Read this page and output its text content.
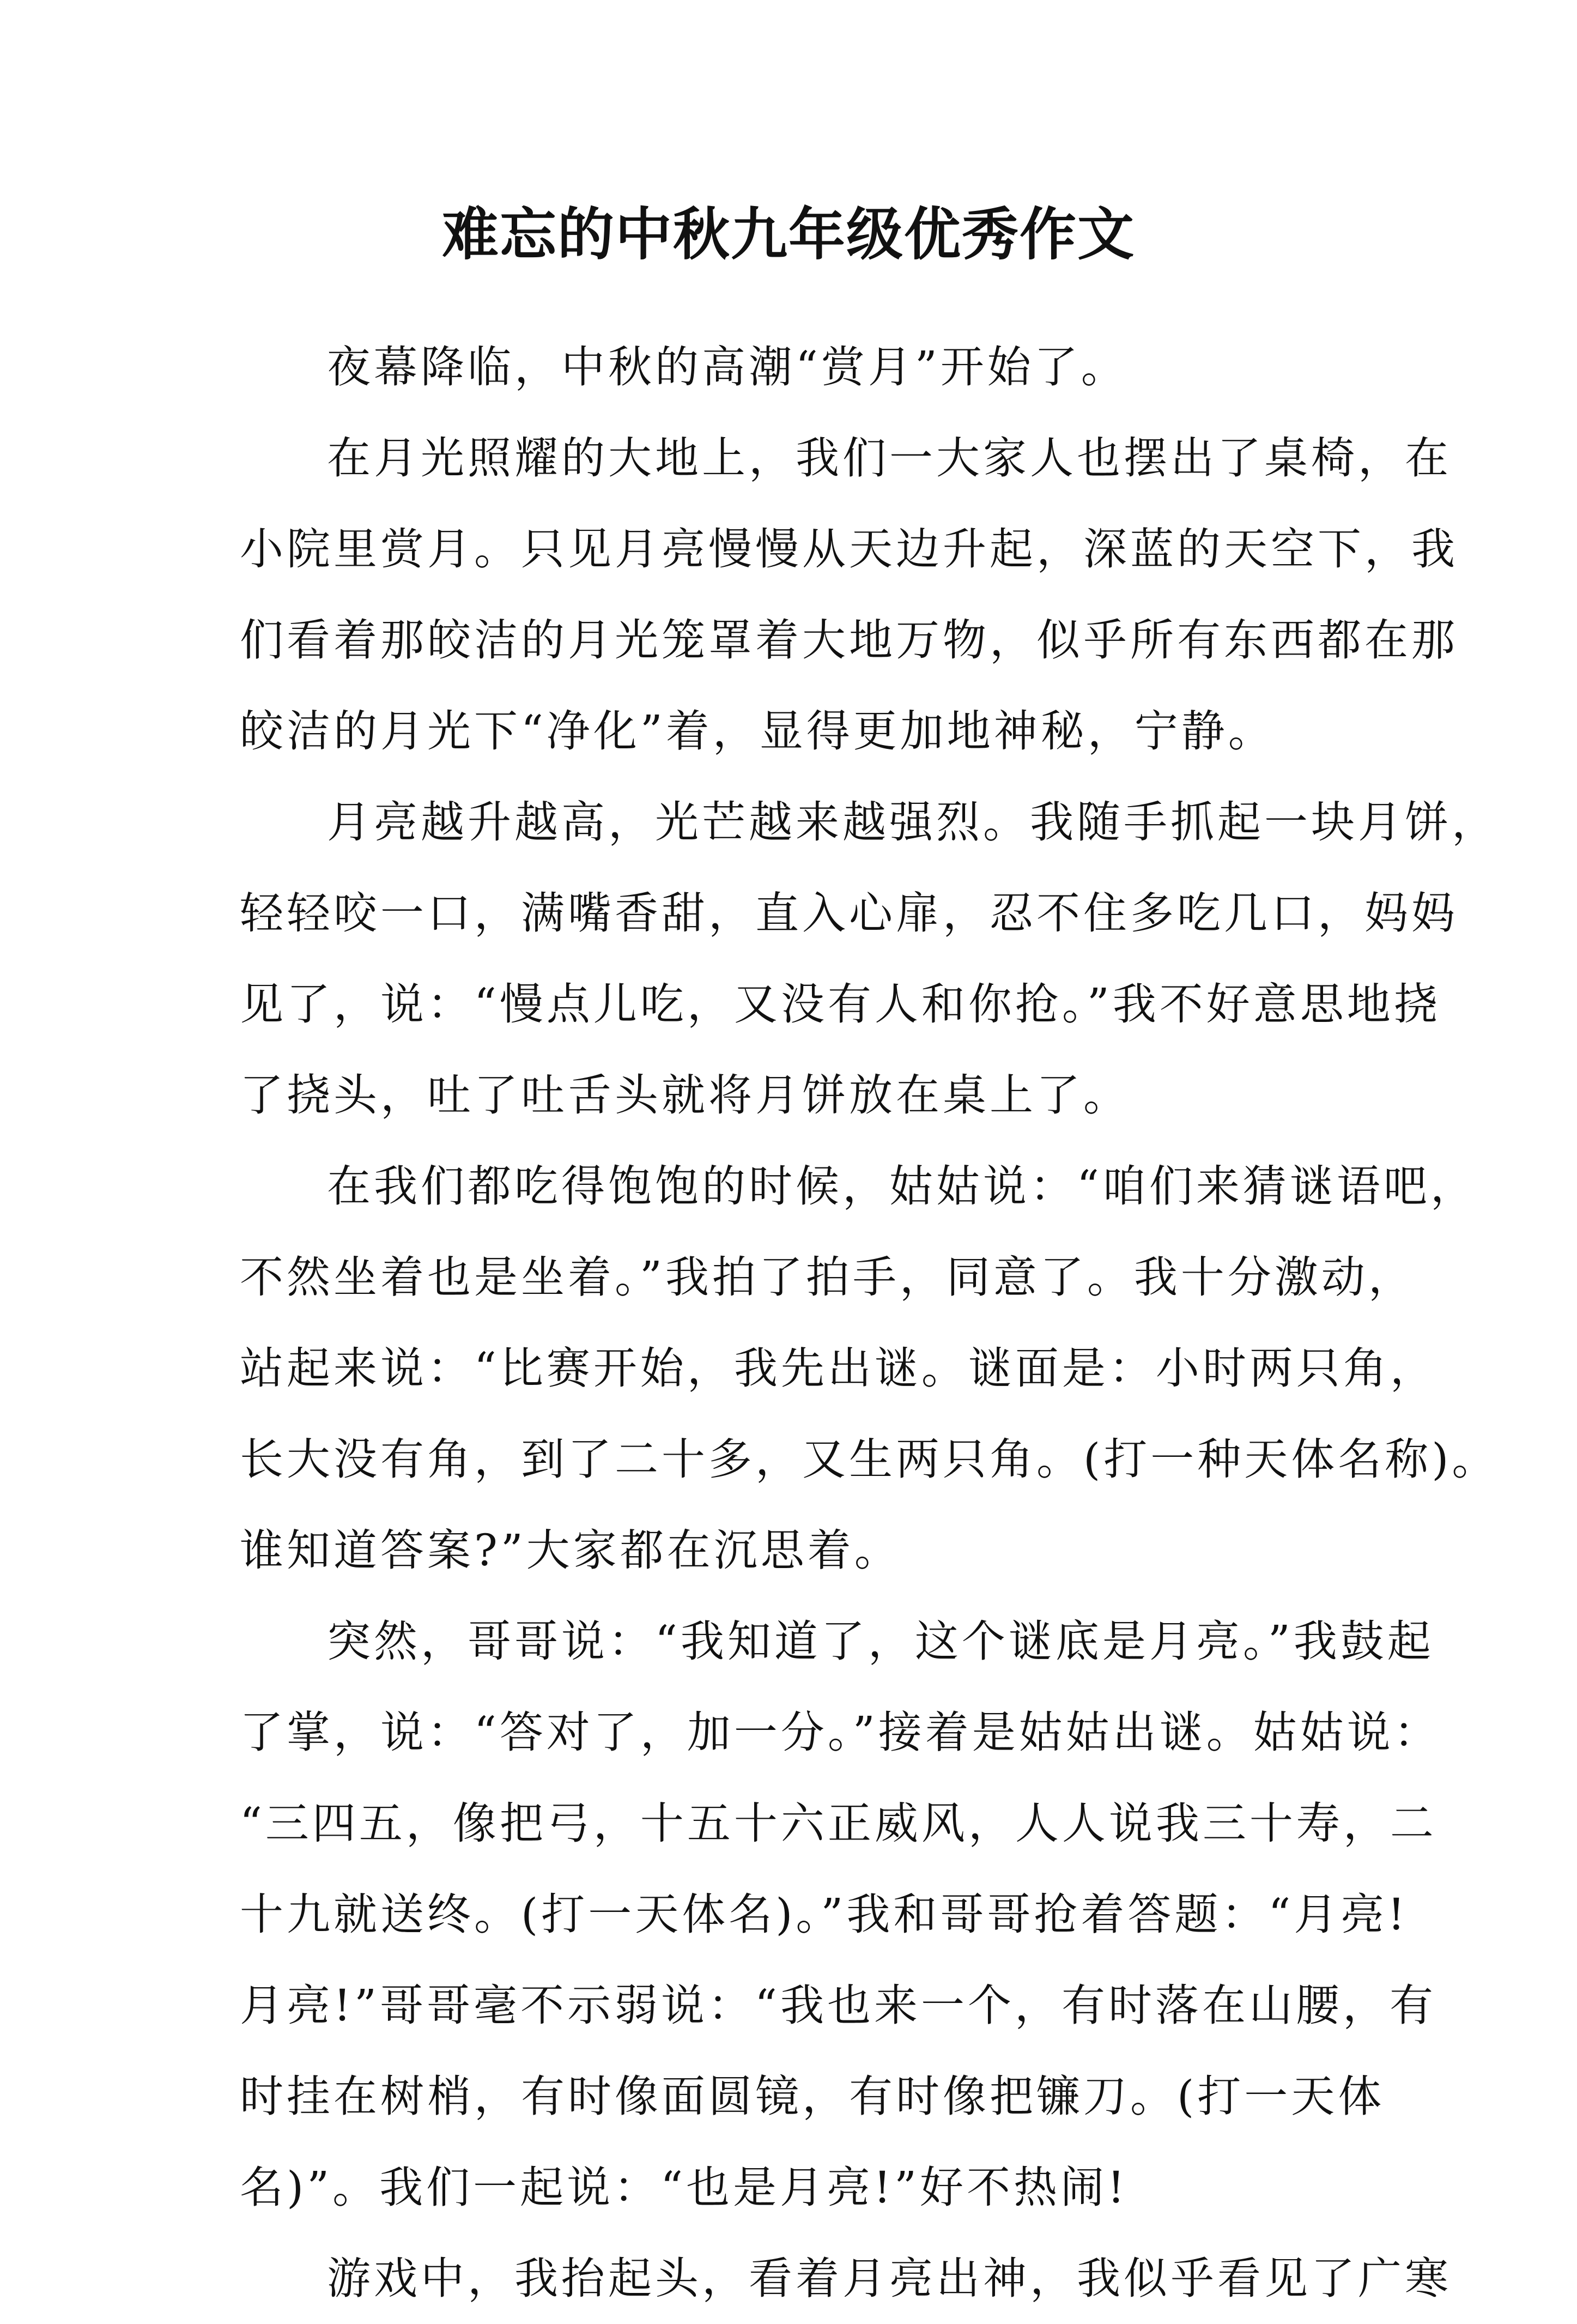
难忘的中秋九年级优秀作文
夜幕降临，中秋的高潮“赏月”开始了。
在月光照耀的大地上，我们一大家人也摆出了桌椅，在
小院里赏月。只见月亮慢慢从天边升起，深蓝的天空下，我
们看着那皎洁的月光笼罩着大地万物，似乎所有东西都在那
皎洁的月光下“净化”着，显得更加地神秘，宁静。
月亮越升越高，光芒越来越强烈。我随手抓起一块月饼，
轻轻咬一口，满嘴香甜，直入心扉，忍不住多吃几口，妈妈
见了，说：“慢点儿吃，又没有人和你抢。”我不好意思地挠
了挠头，吐了吐舌头就将月饼放在桌上了。
在我们都吃得饱饱的时候，姑姑说：“咱们来猜谜语吧，
不然坐着也是坐着。”我拍了拍手，同意了。我十分激动，
站起来说：“比赛开始，我先出谜。谜面是：小时两只角，
长大没有角，到了二十多，又生两只角。(打一种天体名称)。
谁知道答案?”大家都在沉思着。
突然，哥哥说：“我知道了，这个谜底是月亮。”我鼓起
了掌，说：“答对了，加一分。”接着是姑姑出谜。姑姑说：
“三四五，像把弓，十五十六正威风，人人说我三十寿，二
十九就送终。(打一天体名)。”我和哥哥抢着答题：“月亮!
月亮!”哥哥毫不示弱说：“我也来一个，有时落在山腰，有
时挂在树梢，有时像面圆镜，有时像把镰刀。(打一天体
名)”。我们一起说：“也是月亮!”好不热闹!
游戏中，我抬起头，看着月亮出神，我似乎看见了广寒
